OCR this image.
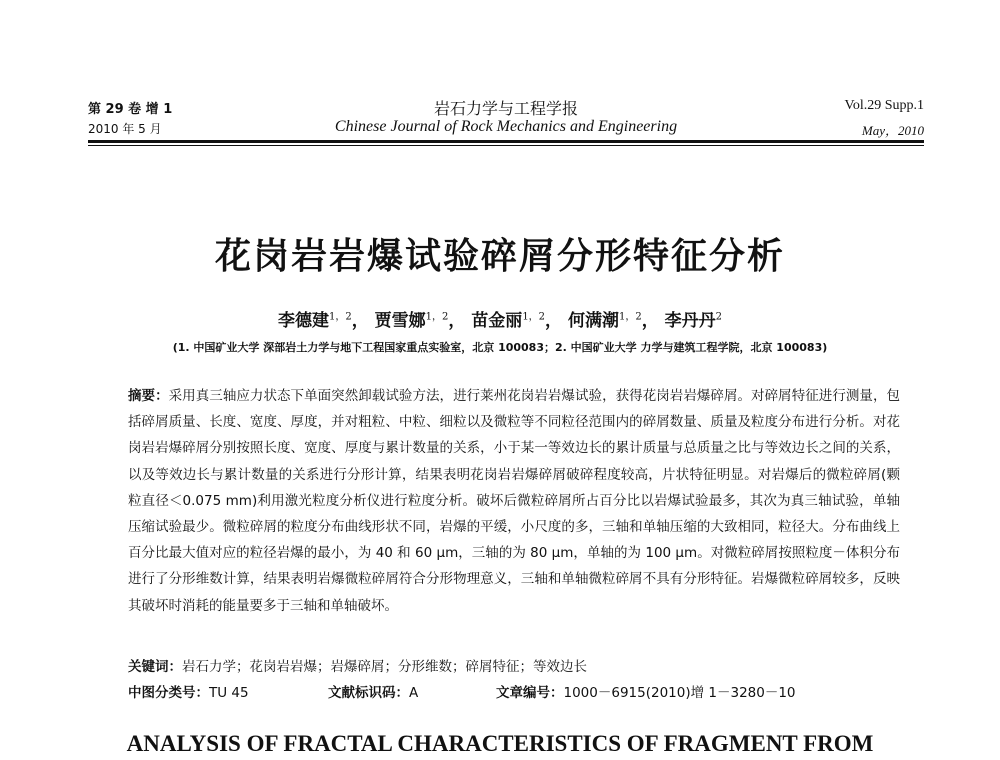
第 29 卷 增 1
2010 年 5 月
岩石力学与工程学报
Chinese Journal of Rock Mechanics and Engineering
Vol.29 Supp.1
May，2010
花岗岩岩爆试验碎屑分形特征分析
李德建$^{1,2}$， 贾雪娜$^{1,2}$， 苗金丽$^{1,2}$， 何满潮$^{1,2}$， 李丹丹$^2$
(1. 中国矿业大学 深部岩土力学与地下工程国家重点实验室，北京 100083；2. 中国矿业大学 力学与建筑工程学院，北京 100083)
摘要：采用真三轴应力状态下单面突然卸载试验方法，进行莱州花岗岩岩爆试验，获得花岗岩岩爆碎屑。对碎屑特征进行测量，包括碎屑质量、长度、宽度、厚度，并对粗粒、中粒、细粒以及微粒等不同粒径范围内的碎屑数量、质量及粒度分布进行分析。对花岗岩岩爆碎屑分别按照长度、宽度、厚度与累计数量的关系，小于某一等效边长的累计质量与总质量之比与等效边长之间的关系，以及等效边长与累计数量的关系进行分形计算，结果表明花岗岩岩爆碎屑破碎程度较高，片状特征明显。对岩爆后的微粒碎屑(颗粒直径＜0.075 mm)利用激光粒度分析仪进行粒度分析。破坏后微粒碎屑所占百分比以岩爆试验最多，其次为真三轴试验，单轴压缩试验最少。微粒碎屑的粒度分布曲线形状不同，岩爆的平缓，小尺度的多，三轴和单轴压缩的大致相同，粒径大。分布曲线上百分比最大值对应的粒径岩爆的最小，为 40 和 60 μm，三轴的为 80 μm，单轴的为 100 μm。对微粒碎屑按照粒度－体积分布进行了分形维数计算，结果表明岩爆微粒碎屑符合分形物理意义，三轴和单轴微粒碎屑不具有分形特征。岩爆微粒碎屑较多，反映其破坏时消耗的能量要多于三轴和单轴破坏。
关键词：岩石力学；花岗岩岩爆；岩爆碎屑；分形维数；碎屑特征；等效边长
中图分类号：TU 45	文献标识码：A	文章编号：1000－6915(2010)增 1－3280－10
ANALYSIS OF FRACTAL CHARACTERISTICS OF FRAGMENT FROM
